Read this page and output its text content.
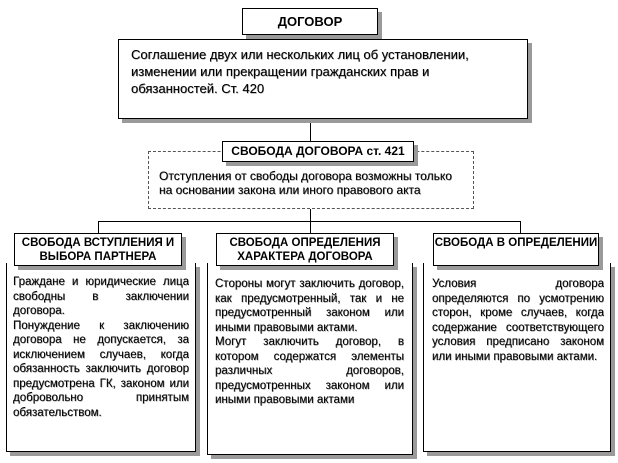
ДОГОВОР
Соглашение двух или нескольких лиц об установлении, изменении или прекращении гражданских прав и обязанностей. Ст. 420
Отступления от свободы договора возможны только на основании закона или иного правового акта
СВОБОДА ДОГОВОРА ст. 421
СВОБОДА ВСТУПЛЕНИЯ И ВЫБОРА ПАРТНЕРА

Граждане и юридические лица свободны в заключении договора.

Понуждение к заключению договора не допускается, за исключением случаев, когда обязанность заключить договор предусмотрена ГК, законом или добровольно принятым обязательством.

СВОБОДА ОПРЕДЕЛЕНИЯ ХАРАКТЕРА ДОГОВОРА

Стороны могут заключить договор, как предусмотренный, так и не предусмотренный законом или иными правовыми актами.

Могут заключить договор, в котором содержатся элементы различных договоров, предусмотренных законом или иными правовыми актами

СВОБОДА В ОПРЕДЕЛЕНИИ

Условия договора определяются по усмотрению сторон, кроме случаев, когда содержание соответствующего условия предписано законом или иными правовыми актами.
